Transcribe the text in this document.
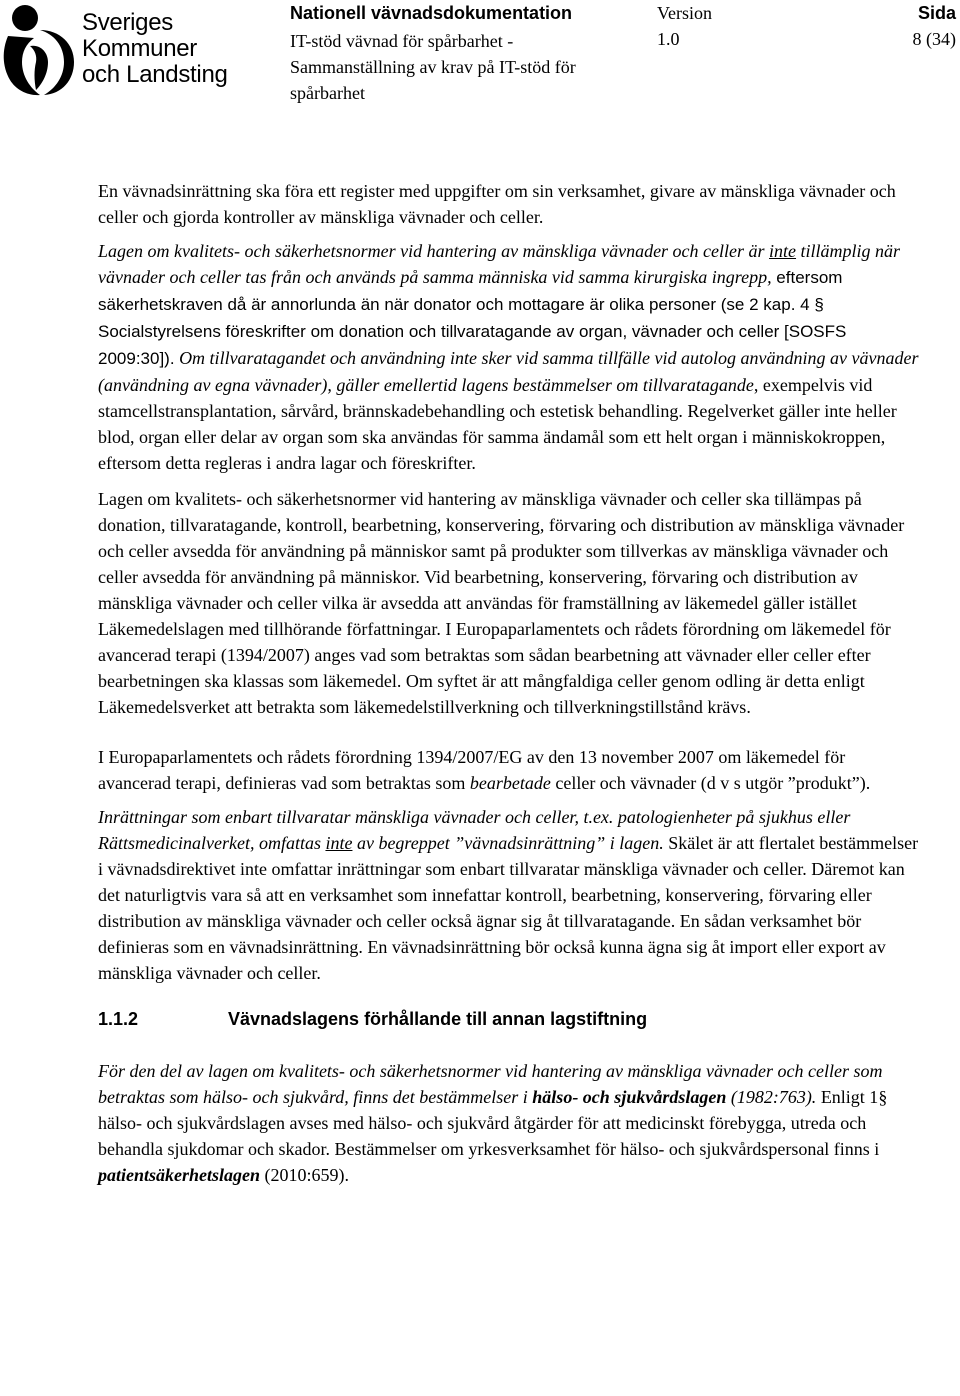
Sveriges
Kommuner
och Landsting
Nationell vävnadsdokumentation
IT-stöd vävnad för spårbarhet - Sammanställning av krav på IT-stöd för spårbarhet
Version
1.0
Sida
8 (34)

En vävnadsinrättning ska föra ett register med uppgifter om sin verksamhet, givare av mänskliga vävnader och celler och gjorda kontroller av mänskliga vävnader och celler.

Lagen om kvalitets- och säkerhetsnormer vid hantering av mänskliga vävnader och celler är inte tillämplig när vävnader och celler tas från och används på samma människa vid samma kirurgiska ingrepp, eftersom säkerhetskraven då är annorlunda än när donator och mottagare är olika personer (se 2 kap. 4 § Socialstyrelsens föreskrifter om donation och tillvaratagande av organ, vävnader och celler [SOSFS 2009:30]). Om tillvaratagandet och användning inte sker vid samma tillfälle vid autolog användning av vävnader (användning av egna vävnader), gäller emellertid lagens bestämmelser om tillvaratagande, exempelvis vid stamcellstransplantation, sårvård, brännskadebehandling och estetisk behandling. Regelverket gäller inte heller blod, organ eller delar av organ som ska användas för samma ändamål som ett helt organ i människokroppen, eftersom detta regleras i andra lagar och föreskrifter.

Lagen om kvalitets- och säkerhetsnormer vid hantering av mänskliga vävnader och celler ska tillämpas på donation, tillvaratagande, kontroll, bearbetning, konservering, förvaring och distribution av mänskliga vävnader och celler avsedda för användning på människor samt på produkter som tillverkas av mänskliga vävnader och celler avsedda för användning på människor. Vid bearbetning, konservering, förvaring och distribution av mänskliga vävnader och celler vilka är avsedda att användas för framställning av läkemedel gäller istället Läkemedelslagen med tillhörande författningar. I Europaparlamentets och rådets förordning om läkemedel för avancerad terapi (1394/2007) anges vad som betraktas som sådan bearbetning att vävnader eller celler efter bearbetningen ska klassas som läkemedel. Om syftet är att mångfaldiga celler genom odling är detta enligt Läkemedelsverket att betrakta som läkemedelstillverkning och tillverkningstillstånd krävs.

I Europaparlamentets och rådets förordning 1394/2007/EG av den 13 november 2007 om läkemedel för avancerad terapi, definieras vad som betraktas som bearbetade celler och vävnader (d v s utgör ”produkt”).

Inrättningar som enbart tillvaratar mänskliga vävnader och celler, t.ex. patologienheter på sjukhus eller Rättsmedicinalverket, omfattas inte av begreppet ”vävnadsinrättning” i lagen. Skälet är att flertalet bestämmelser i vävnadsdirektivet inte omfattar inrättningar som enbart tillvaratar mänskliga vävnader och celler. Däremot kan det naturligtvis vara så att en verksamhet som innefattar kontroll, bearbetning, konservering, förvaring eller distribution av mänskliga vävnader och celler också ägnar sig åt tillvaratagande. En sådan verksamhet bör definieras som en vävnadsinrättning. En vävnadsinrättning bör också kunna ägna sig åt import eller export av mänskliga vävnader och celler.

1.1.2	Vävnadslagens förhållande till annan lagstiftning

För den del av lagen om kvalitets- och säkerhetsnormer vid hantering av mänskliga vävnader och celler som betraktas som hälso- och sjukvård, finns det bestämmelser i hälso- och sjukvårdslagen (1982:763). Enligt 1§ hälso- och sjukvårdslagen avses med hälso- och sjukvård åtgärder för att medicinskt förebygga, utreda och behandla sjukdomar och skador. Bestämmelser om yrkesverksamhet för hälso- och sjukvårdspersonal finns i patientsäkerhetslagen (2010:659).
